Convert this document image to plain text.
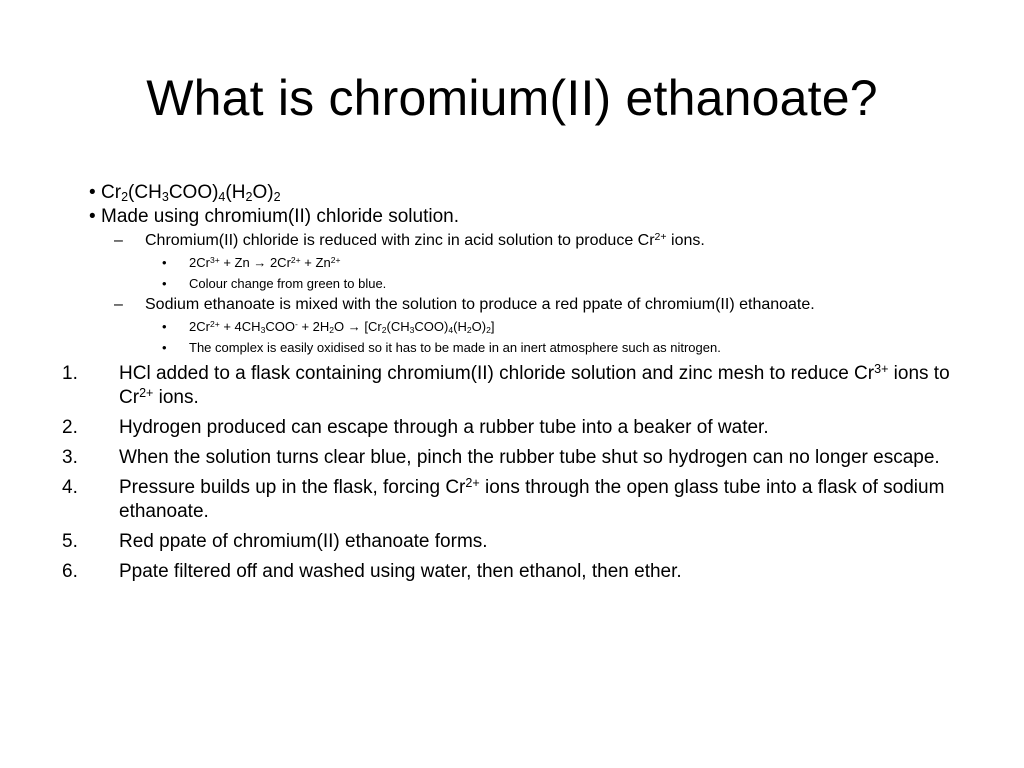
What is chromium(II) ethanoate?
• $Cr_2(CH_3COO)_4(H_2O)_2$
• Made using chromium(II) chloride solution.
–	Chromium(II) chloride is reduced with zinc in acid solution to produce $Cr^{2+}$ ions.
•	$2Cr^{3+} + Zn \to 2Cr^{2+} + Zn^{2+}$
•	Colour change from green to blue.
–	Sodium ethanoate is mixed with the solution to produce a red ppate of chromium(II) ethanoate.
•	$2Cr^{2+} + 4CH_3COO^- + 2H_2O \to [Cr_2(CH_3COO)_4(H_2O)_2]$
•	The complex is easily oxidised so it has to be made in an inert atmosphere such as nitrogen.
1.	HCl added to a flask containing chromium(II) chloride solution and zinc mesh to reduce $Cr^{3+}$ ions to $Cr^{2+}$ ions.
2.	Hydrogen produced can escape through a rubber tube into a beaker of water.
3.	When the solution turns clear blue, pinch the rubber tube shut so hydrogen can no longer escape.
4.	Pressure builds up in the flask, forcing $Cr^{2+}$ ions through the open glass tube into a flask of sodium ethanoate.
5.	Red ppate of chromium(II) ethanoate forms.
6.	Ppate filtered off and washed using water, then ethanol, then ether.
